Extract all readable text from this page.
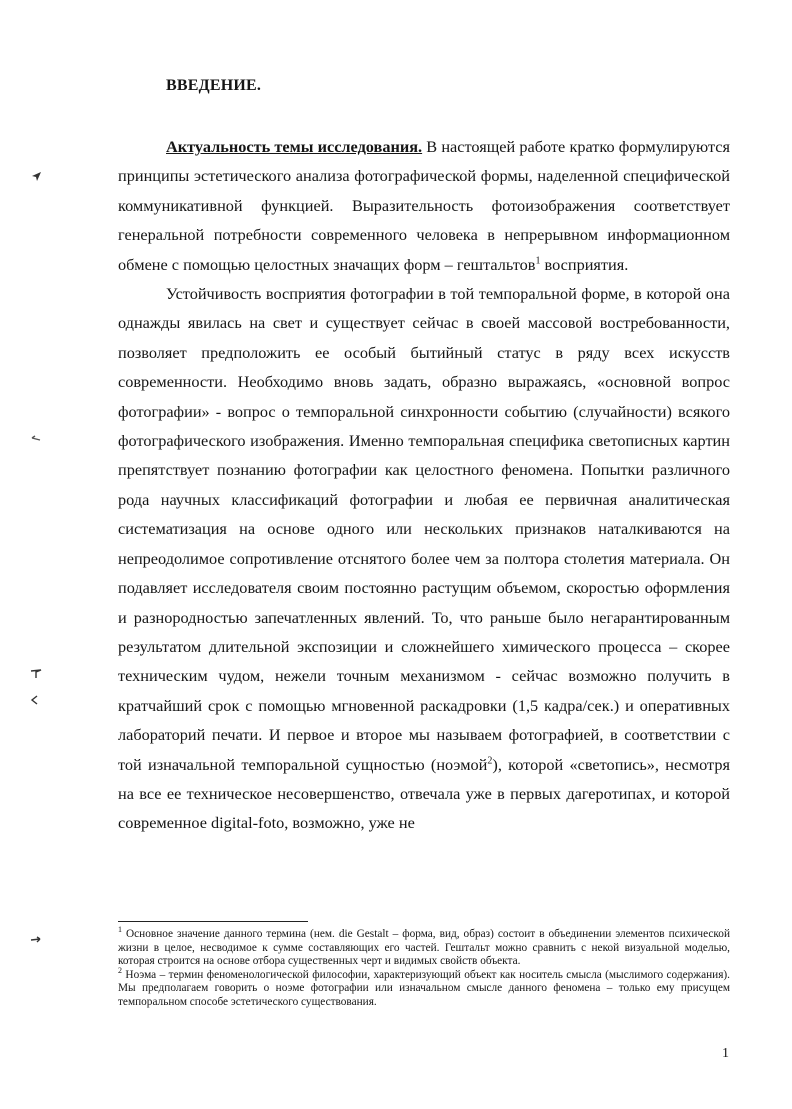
ВВЕДЕНИЕ.

Актуальность темы исследования. В настоящей работе кратко формулируются принципы эстетического анализа фотографической формы, наделенной специфической коммуникативной функцией. Выразительность фотоизображения соответствует генеральной потребности современного человека в непрерывном информационном обмене с помощью целостных значащих форм – гештальтов$^1$ восприятия.

Устойчивость восприятия фотографии в той темпоральной форме, в которой она однажды явилась на свет и существует сейчас в своей массовой востребованности, позволяет предположить ее особый бытийный статус в ряду всех искусств современности. Необходимо вновь задать, образно выражаясь, «основной вопрос фотографии» - вопрос о темпоральной синхронности событию (случайности) всякого фотографического изображения. Именно темпоральная специфика светописных картин препятствует познанию фотографии как целостного феномена. Попытки различного рода научных классификаций фотографии и любая ее первичная аналитическая систематизация на основе одного или нескольких признаков наталкиваются на непреодолимое сопротивление отснятого более чем за полтора столетия материала. Он подавляет исследователя своим постоянно растущим объемом, скоростью оформления и разнородностью запечатленных явлений. То, что раньше было негарантированным результатом длительной экспозиции и сложнейшего химического процесса – скорее техническим чудом, нежели точным механизмом - сейчас возможно получить в кратчайший срок с помощью мгновенной раскадровки (1,5 кадра/сек.) и оперативных лабораторий печати. И первое и второе мы называем фотографией, в соответствии с той изначальной темпоральной сущностью (ноэмой$^2$), которой «светопись», несмотря на все ее техническое несовершенство, отвечала уже в первых дагеротипах, и которой современное digital-foto, возможно, уже не

$^1$ Основное значение данного термина (нем. die Gestalt – форма, вид, образ) состоит в объединении элементов психической жизни в целое, несводимое к сумме составляющих его частей. Гештальт можно сравнить с некой визуальной моделью, которая строится на основе отбора существенных черт и видимых свойств объекта.

$^2$ Ноэма – термин феноменологической философии, характеризующий объект как носитель смысла (мыслимого содержания). Мы предполагаем говорить о ноэме фотографии или изначальном смысле данного феномена – только ему присущем темпоральном способе эстетического существования.

1
